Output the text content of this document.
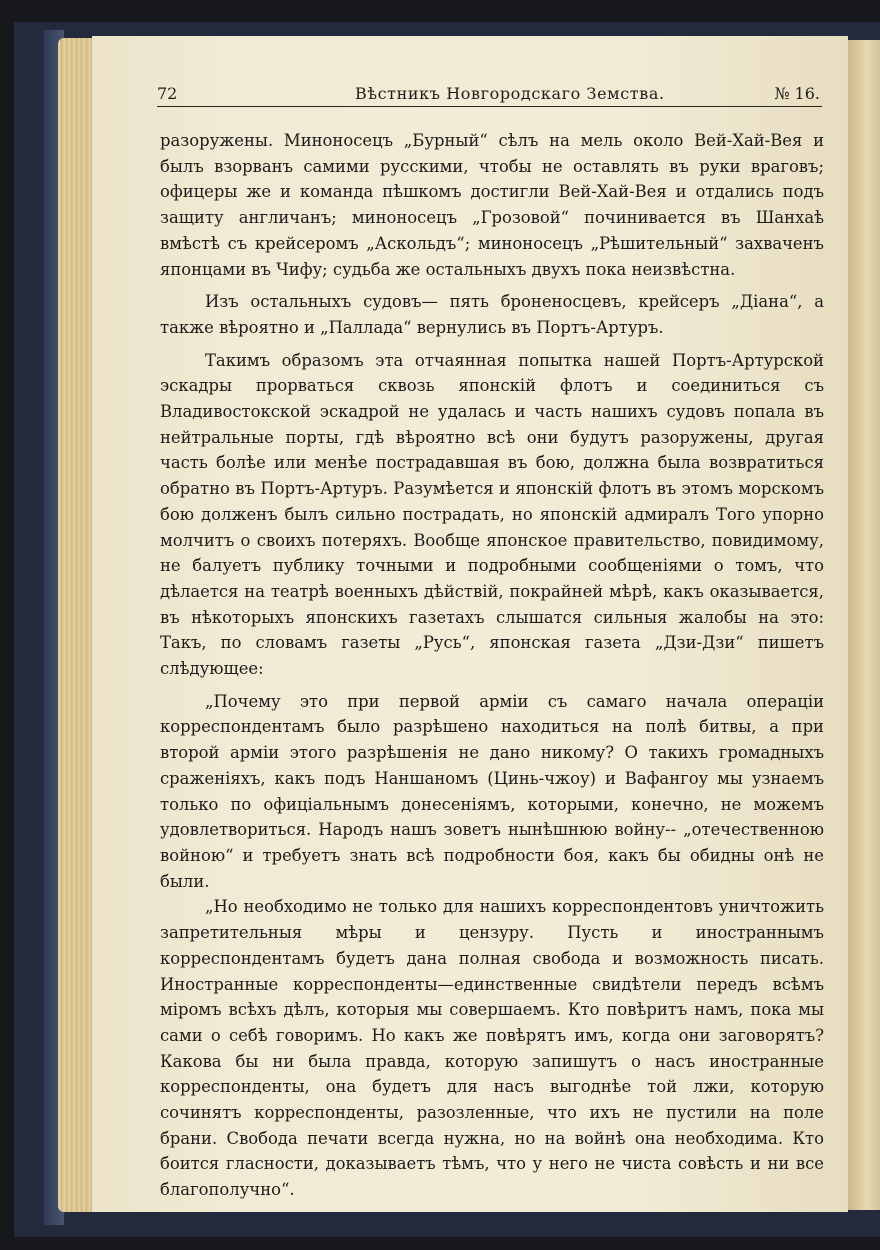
72	Вѣстникъ Новгородскаго Земства.	№ 16.

разоружены. Миноносецъ „Бурный“ сѣлъ на мель около Вей-Хай-Вея и былъ взорванъ самими русскими, чтобы не оставлять въ руки враговъ; офицеры же и команда пѣшкомъ достигли Вей-Хай-Вея и отдались подъ защиту англичанъ; миноносецъ „Грозовой“ починивается въ Шанхаѣ вмѣстѣ съ крейсеромъ „Аскольдъ“; миноносецъ „Рѣшительный“ захваченъ японцами въ Чифу; судьба же остальныхъ двухъ пока неизвѣстна.

Изъ остальныхъ судовъ— пять броненосцевъ, крейсеръ „Діана“, а также вѣроятно и „Паллада“ вернулись въ Портъ-Артуръ.

Такимъ образомъ эта отчаянная попытка нашей Портъ-Артурской эскадры прорваться сквозь японскій флотъ и соединиться съ Владивостокской эскадрой не удалась и часть нашихъ судовъ попала въ нейтральные порты, гдѣ вѣроятно всѣ они будутъ разоружены, другая часть болѣе или менѣе пострадавшая въ бою, должна была возвратиться обратно въ Портъ-Артуръ. Разумѣется и японскій флотъ въ этомъ морскомъ бою долженъ былъ сильно пострадать, но японскій адмиралъ Того упорно молчитъ о своихъ потеряхъ. Вообще японское правительство, повидимому, не балуетъ публику точными и подробными сообщеніями о томъ, что дѣлается на театрѣ военныхъ дѣйствій, покрайней мѣрѣ, какъ оказывается, въ нѣкоторыхъ японскихъ газетахъ слышатся сильныя жалобы на это: Такъ, по словамъ газеты „Русь“, японская газета „Дзи-Дзи“ пишетъ слѣдующее:

„Почему это при первой арміи съ самаго начала операціи корреспондентамъ было разрѣшено находиться на полѣ битвы, а при второй арміи этого разрѣшенія не дано никому? О такихъ громадныхъ сраженіяхъ, какъ подъ Наншаномъ (Цинь-чжоу) и Вафангоу мы узнаемъ только по офиціальнымъ донесеніямъ, которыми, конечно, не можемъ удовлетвориться. Народъ нашъ зоветъ нынѣшнюю войну-- „отечественною войною“ и требуетъ знать всѣ подробности боя, какъ бы обидны онѣ не были.

„Но необходимо не только для нашихъ корреспондентовъ уничтожить запретительныя мѣры и цензуру. Пусть и иностраннымъ корреспондентамъ будетъ дана полная свобода и возможность писать. Иностранные корреспонденты—единственные свидѣтели передъ всѣмъ міромъ всѣхъ дѣлъ, которыя мы совершаемъ. Кто повѣритъ намъ, пока мы сами о себѣ говоримъ. Но какъ же повѣрятъ имъ, когда они заговорятъ? Какова бы ни была правда, которую запишутъ о насъ иностранные корреспонденты, она будетъ для насъ выгоднѣе той лжи, которую сочинятъ корреспонденты, разозленные, что ихъ не пустили на поле брани. Свобода печати всегда нужна, но на войнѣ она необходима. Кто боится гласности, доказываетъ тѣмъ, что у него не чиста совѣсть и ни все благополучно“.
